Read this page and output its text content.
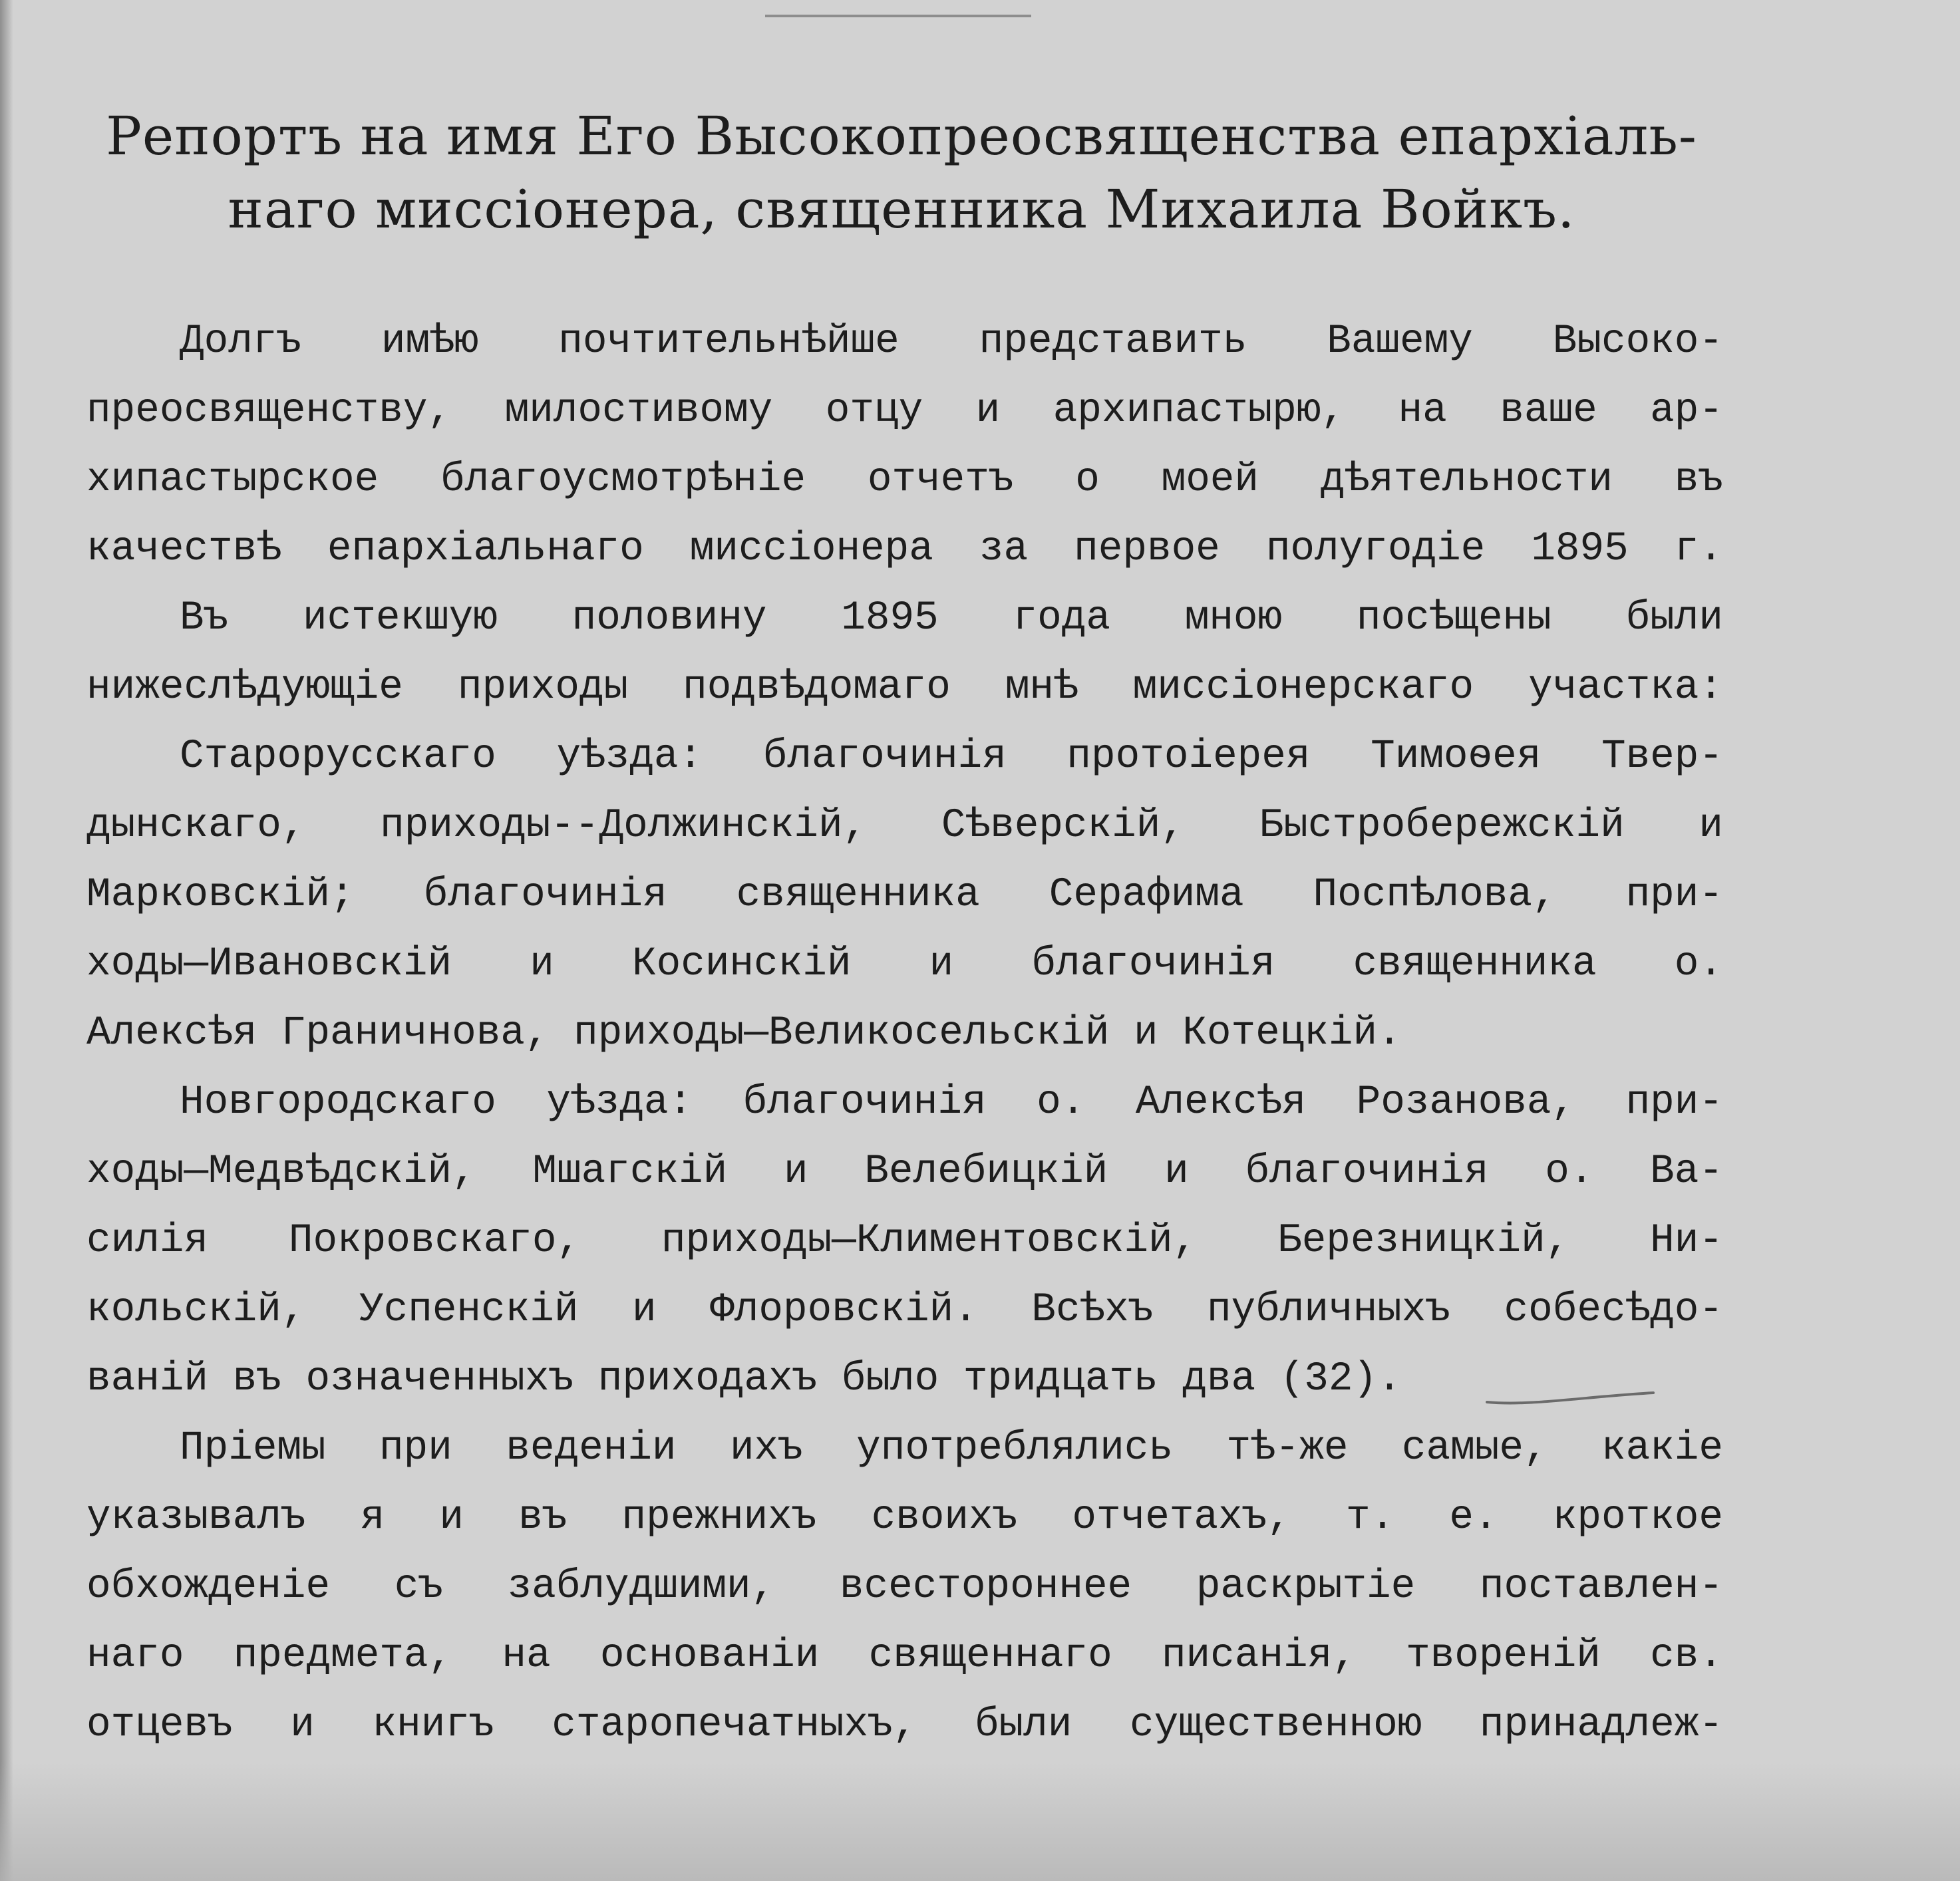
Репортъ на имя Его Высокопреосвященства епархіаль-
наго миссіонера, священника Михаила Войкъ.
Долгъ имѣю почтительнѣйше представить Вашему Высоко-
преосвященству, милостивому отцу и архипастырю, на ваше ар-
хипастырское благоусмотрѣніе отчетъ о моей дѣятельности въ
качествѣ епархіальнаго миссіонера за первое полугодіе 1895 г.
Въ истекшую половину 1895 года мною посѣщены были
нижеслѣдующіе приходы подвѣдомаго мнѣ миссіонерскаго участка:
Старорусскаго уѣзда: благочинія протоіерея Тимоѳея Твер-
дынскаго, приходы--Должинскій, Сѣверскій, Быстробережскій и
Марковскій; благочинія священника Серафима Поспѣлова, при-
ходы—Ивановскій и Косинскій и благочинія священника о.
Алексѣя Граничнова, приходы—Великосельскій и Котецкій.
Новгородскаго уѣзда: благочинія о. Алексѣя Розанова, при-
ходы—Медвѣдскій, Мшагскій и Велебицкій и благочинія о. Ва-
силія Покровскаго, приходы—Климентовскій, Березницкій, Ни-
кольскій, Успенскій и Флоровскій. Всѣхъ публичныхъ собесѣдо-
ваній въ означенныхъ приходахъ было тридцать два (32).
Пріемы при веденіи ихъ употреблялись тѣ-же самые, какіе
указывалъ я и въ прежнихъ своихъ отчетахъ, т. е. кроткое
обхожденіе съ заблудшими, всестороннее раскрытіе поставлен-
наго предмета, на основаніи священнаго писанія, твореній св.
отцевъ и книгъ старопечатныхъ, были существенною принадлеж-
